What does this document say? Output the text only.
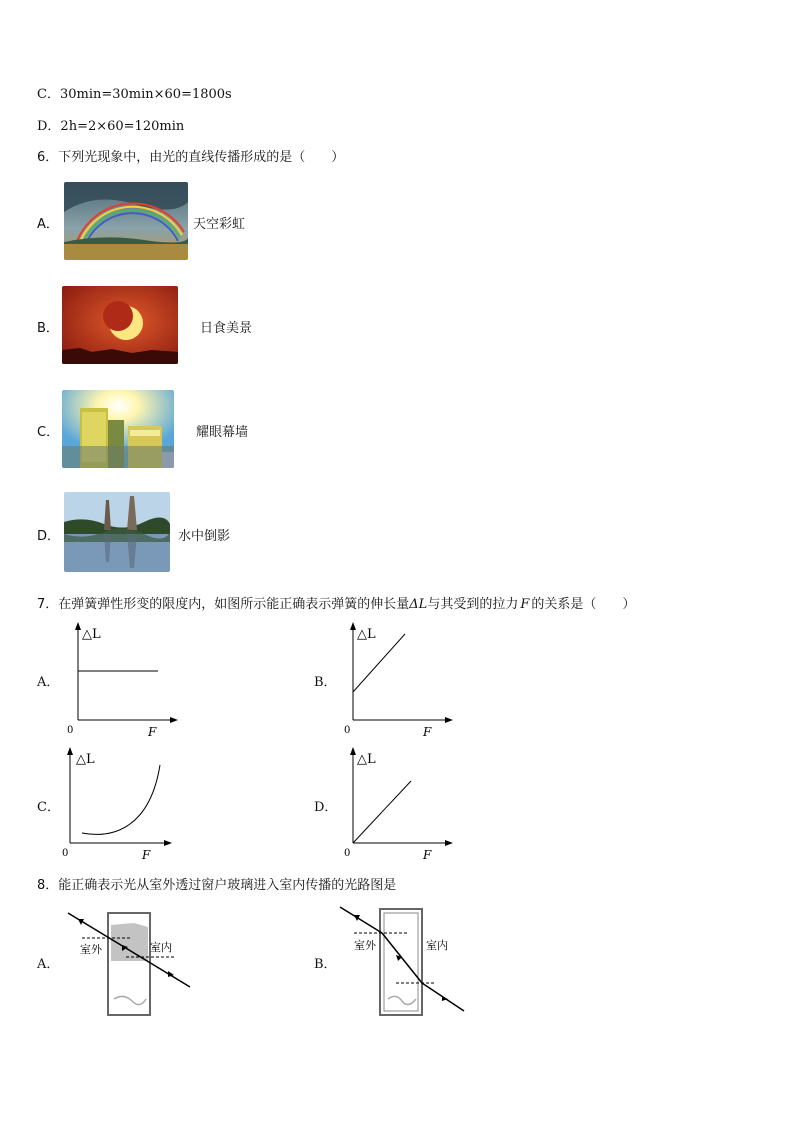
C．30min=30min×60=1800s
D．2h=2×60=120min
6．下列光现象中，由光的直线传播形成的是（　　）
A．	天空彩虹
B．	日食美景
C．	耀眼幕墙
D．	水中倒影
7．在弹簧弹性形变的限度内，如图所示能正确表示弹簧的伸长量ΔL与其受到的拉力 F 的关系是（　　）
A．
△L
0	F
B．
△L
0	F
C．
△L
0	F
D．
△L
0	F
8．能正确表示光从室外透过窗户玻璃进入室内传播的光路图是
A．
室外	室内
B．
室外	室内
